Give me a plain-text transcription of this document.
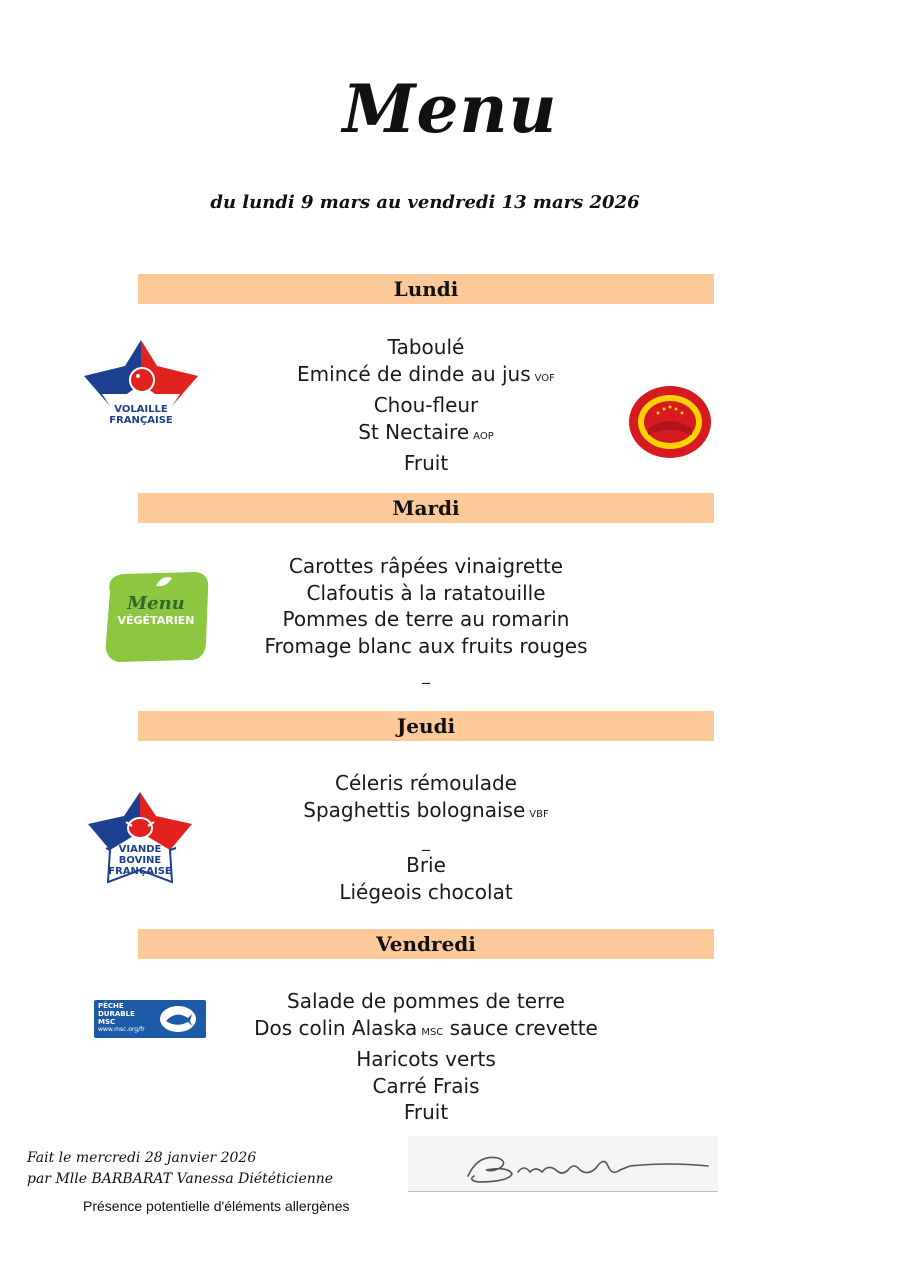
Menu
du lundi 9 mars au vendredi 13 mars 2026
Lundi
Taboulé
Emincé de dinde au jus VOF
Chou-fleur
St Nectaire AOP
Fruit
VOLAILLE
FRANÇAISE
Mardi
Carottes râpées vinaigrette
Clafoutis à la ratatouille
Pommes de terre au romarin
Fromage blanc aux fruits rouges
_
Menu
VÉGÉTARIEN
Jeudi
Céleris rémoulade
Spaghettis bolognaise VBF
_
Brie
Liégeois chocolat
VIANDE
BOVINE
FRANÇAISE
Vendredi
Salade de pommes de terre
Dos colin Alaska MSC sauce crevette
Haricots verts
Carré Frais
Fruit
PÊCHE
DURABLE
MSC
www.msc.org/fr
Fait le mercredi 28 janvier 2026
par Mlle BARBARAT Vanessa Diététicienne
Présence potentielle d'éléments allergènes
